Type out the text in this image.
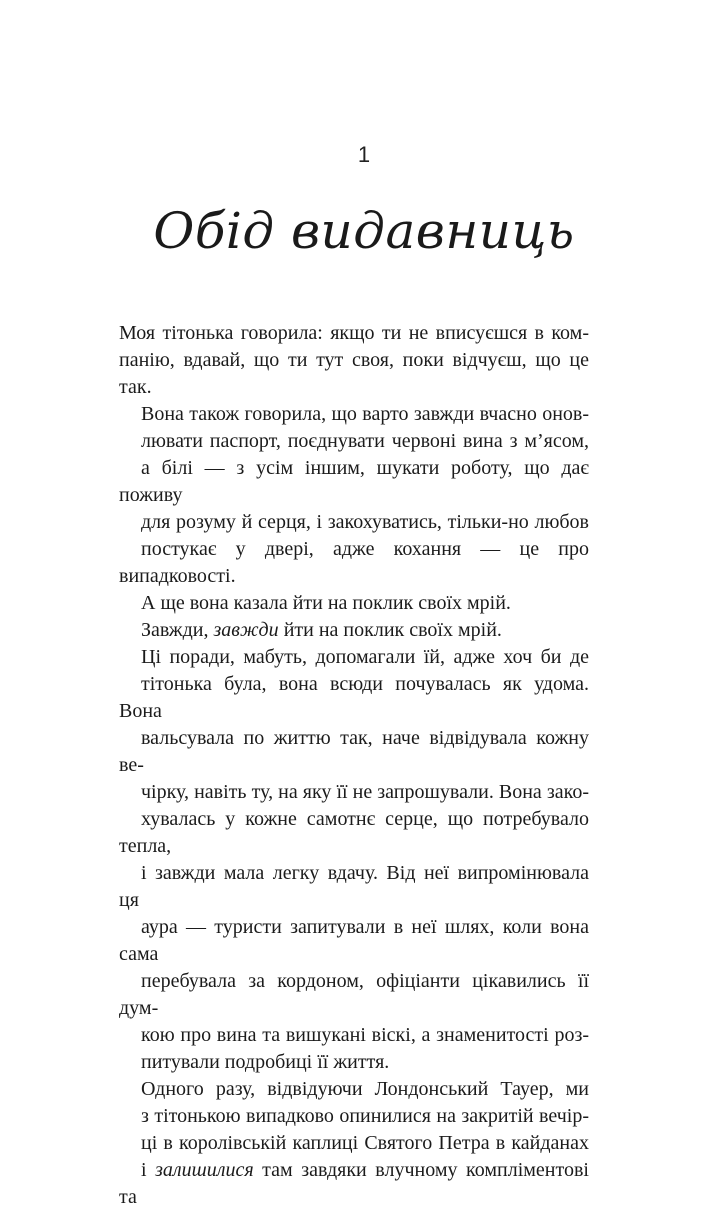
1
Обід видавниць

Моя тітонька говорила: якщо ти не вписуєшся в ком-
панію, вдавай, що ти тут своя, поки відчуєш, що це так.

Вона також говорила, що варто завжди вчасно онов-
лювати паспорт, поєднувати червоні вина з м’ясом,
а білі — з усім іншим, шукати роботу, що дає поживу
для розуму й серця, і закохуватись, тільки-но любов
постукає у двері, адже кохання — це про випадковості.
А ще вона казала йти на поклик своїх мрій.

Завжди, завжди йти на поклик своїх мрій.

Ці поради, мабуть, допомагали їй, адже хоч би де
тітонька була, вона всюди почувалась як удома. Вона
вальсувала по життю так, наче відвідувала кожну ве-
чірку, навіть ту, на яку її не запрошували. Вона зако-
хувалась у кожне самотнє серце, що потребувало тепла,
і завжди мала легку вдачу. Від неї випромінювала ця
аура — туристи запитували в неї шлях, коли вона сама
перебувала за кордоном, офіціанти цікавились її дум-
кою про вина та вишукані віскі, а знаменитості роз-
питували подробиці її життя.

Одного разу, відвідуючи Лондонський Тауер, ми
з тітонькою випадково опинилися на закритій вечір-
ці в королівській каплиці Святого Петра в кайданах
і залишилися там завдяки влучному компліментові та
